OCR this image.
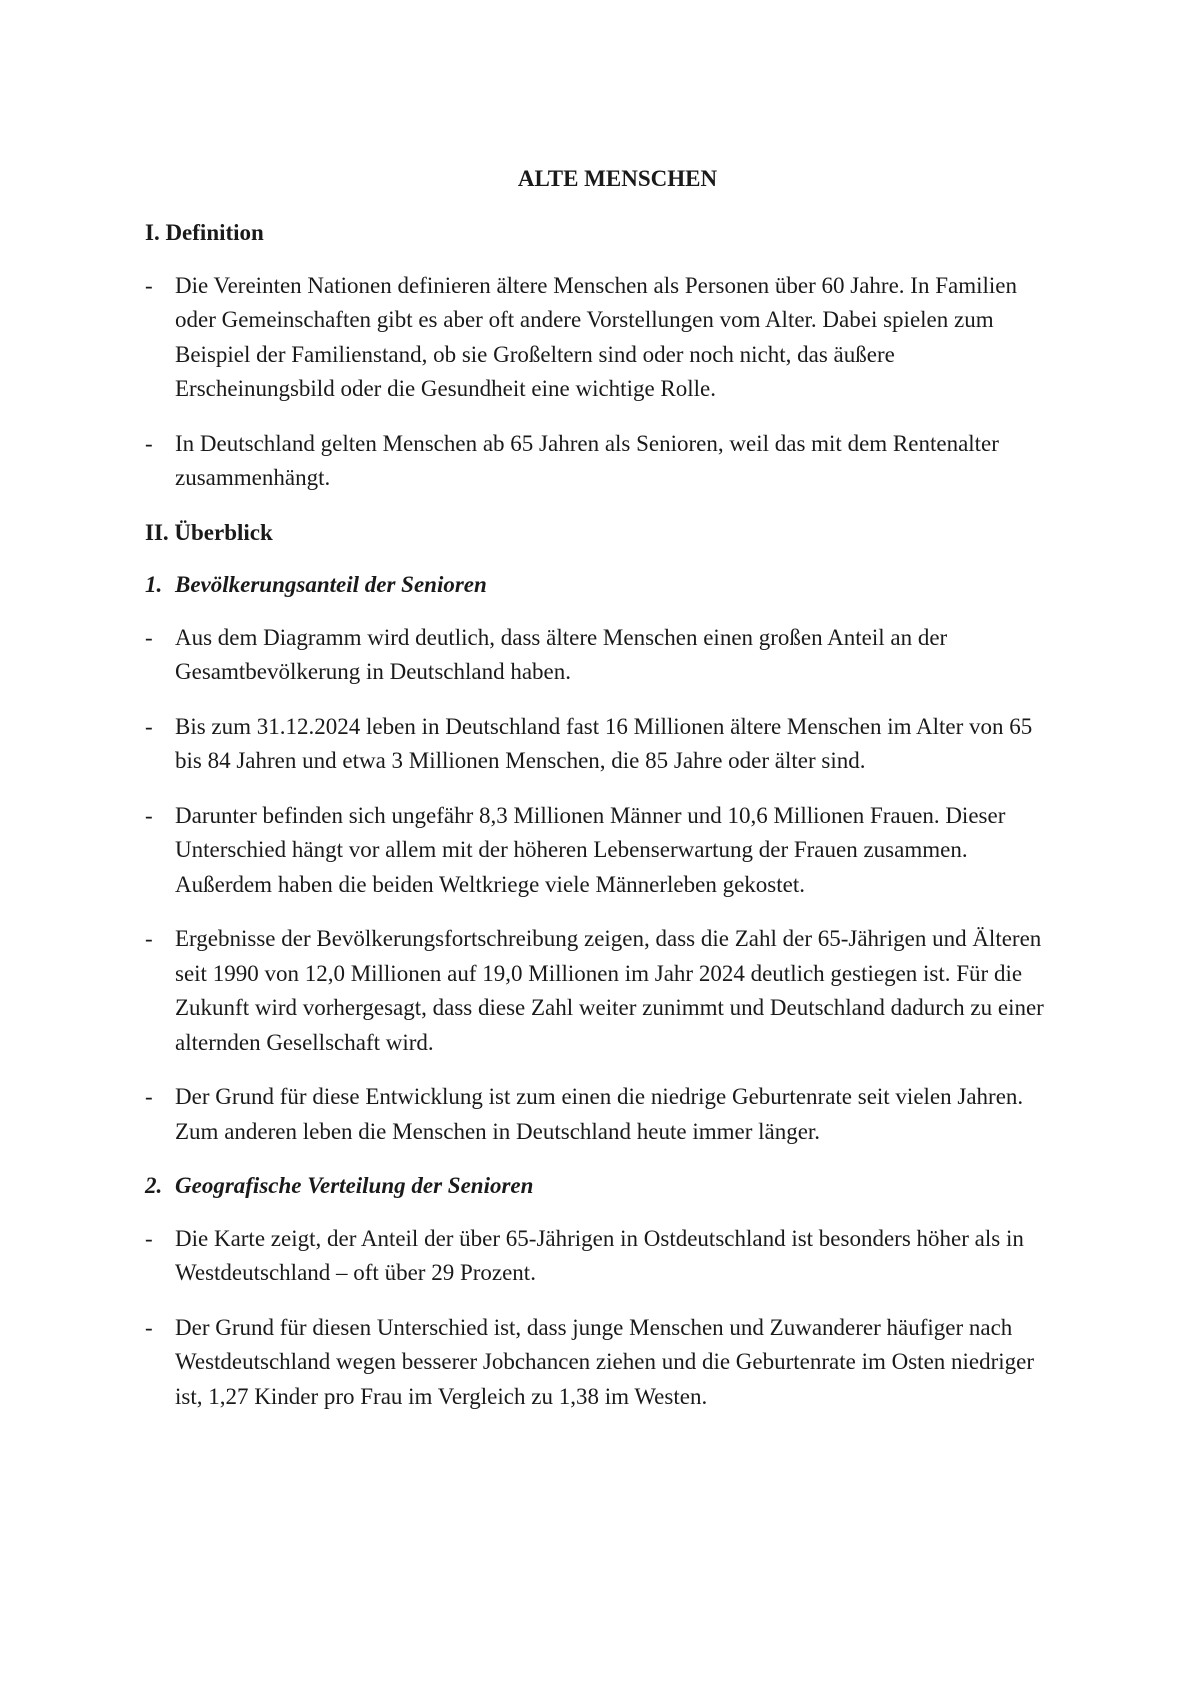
ALTE MENSCHEN
I. Definition
- Die Vereinten Nationen definieren ältere Menschen als Personen über 60 Jahre. In Familien oder Gemeinschaften gibt es aber oft andere Vorstellungen vom Alter. Dabei spielen zum Beispiel der Familienstand, ob sie Großeltern sind oder noch nicht, das äußere Erscheinungsbild oder die Gesundheit eine wichtige Rolle.
- In Deutschland gelten Menschen ab 65 Jahren als Senioren, weil das mit dem Rentenalter zusammenhängt.
II. Überblick
1. Bevölkerungsanteil der Senioren
- Aus dem Diagramm wird deutlich, dass ältere Menschen einen großen Anteil an der Gesamtbevölkerung in Deutschland haben.
- Bis zum 31.12.2024 leben in Deutschland fast 16 Millionen ältere Menschen im Alter von 65 bis 84 Jahren und etwa 3 Millionen Menschen, die 85 Jahre oder älter sind.
- Darunter befinden sich ungefähr 8,3 Millionen Männer und 10,6 Millionen Frauen. Dieser Unterschied hängt vor allem mit der höheren Lebenserwartung der Frauen zusammen. Außerdem haben die beiden Weltkriege viele Männerleben gekostet.
- Ergebnisse der Bevölkerungsfortschreibung zeigen, dass die Zahl der 65-Jährigen und Älteren seit 1990 von 12,0 Millionen auf 19,0 Millionen im Jahr 2024 deutlich gestiegen ist. Für die Zukunft wird vorhergesagt, dass diese Zahl weiter zunimmt und Deutschland dadurch zu einer alternden Gesellschaft wird.
- Der Grund für diese Entwicklung ist zum einen die niedrige Geburtenrate seit vielen Jahren. Zum anderen leben die Menschen in Deutschland heute immer länger.
2. Geografische Verteilung der Senioren
- Die Karte zeigt, der Anteil der über 65-Jährigen in Ostdeutschland ist besonders höher als in Westdeutschland – oft über 29 Prozent.
- Der Grund für diesen Unterschied ist, dass junge Menschen und Zuwanderer häufiger nach Westdeutschland wegen besserer Jobchancen ziehen und die Geburtenrate im Osten niedriger ist, 1,27 Kinder pro Frau im Vergleich zu 1,38 im Westen.
